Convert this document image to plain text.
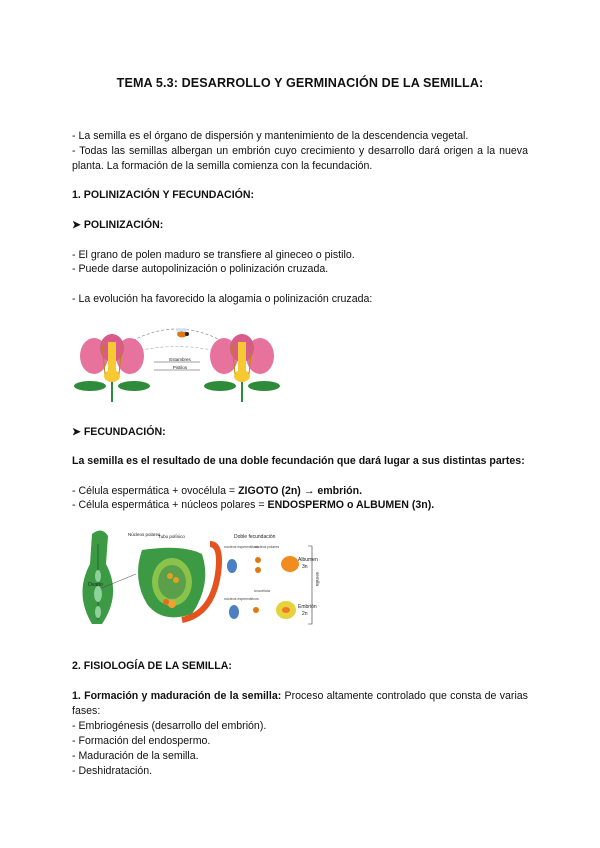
TEMA 5.3: DESARROLLO Y GERMINACIÓN DE LA SEMILLA:

- La semilla es el órgano de dispersión y mantenimiento de la descendencia vegetal.

- Todas las semillas albergan un embrión cuyo crecimiento y desarrollo dará origen a la nueva planta. La formación de la semilla comienza con la fecundación.

1. POLINIZACIÓN Y FECUNDACIÓN:

➤ POLINIZACIÓN:

- El grano de polen maduro se transfiere al gineceo o pistilo.

- Puede darse autopolinización o polinización cruzada.

- La evolución ha favorecido la alogamia o polinización cruzada:

Estambres
Pistilos

➤ FECUNDACIÓN:

La semilla es el resultado de una doble fecundación que dará lugar a sus distintas partes:

- Célula espermática + ovocélula = ZIGOTO (2n) → embrión.

- Célula espermática + núcleos polares = ENDOSPERMO o ALBUMEN (3n).

Ovario
Núcleos polares
Tubo polínico	Doble fecundación
núcleos espermáticos
núcleos polares
Albumen
3n
ovocélula
núcleos espermáticos
Embrión
2n
semilla

2. FISIOLOGÍA DE LA SEMILLA:

1. Formación y maduración de la semilla: Proceso altamente controlado que consta de varias fases:

- Embriogénesis (desarrollo del embrión).

- Formación del endospermo.

- Maduración de la semilla.

- Deshidratación.
